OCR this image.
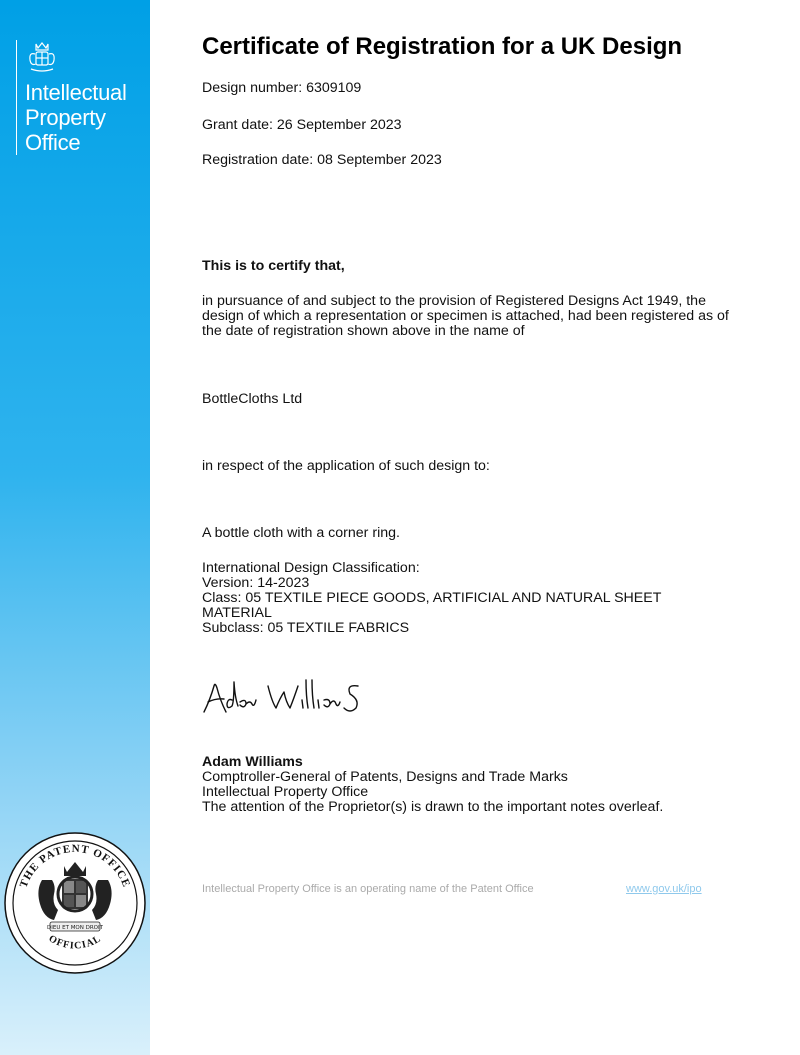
Intellectual
Property
Office
THE PATENT OFFICE
OFFICIAL
DIEU ET MON DROIT
Certificate of Registration for a UK Design
Design number: 6309109
Grant date: 26 September 2023
Registration date: 08 September 2023
This is to certify that,
in pursuance of and subject to the provision of Registered Designs Act 1949, the design of which a representation or specimen is attached, had been registered as of the date of registration shown above in the name of
BottleCloths Ltd
in respect of the application of such design to:
A bottle cloth with a corner ring.
International Design Classification:
Version: 14-2023
Class: 05 TEXTILE PIECE GOODS, ARTIFICIAL AND NATURAL SHEET MATERIAL
Subclass: 05 TEXTILE FABRICS
Adam Williams
Comptroller-General of Patents, Designs and Trade Marks
Intellectual Property Office
The attention of the Proprietor(s) is drawn to the important notes overleaf.
Intellectual Property Office is an operating name of the Patent Office	www.gov.uk/ipo
